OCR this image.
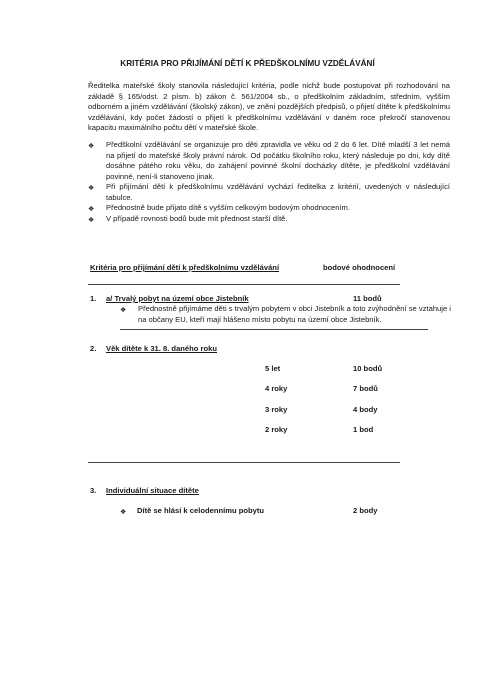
KRITÉRIA PRO PŘIJÍMÁNÍ DĚTÍ K PŘEDŠKOLNÍMU VZDĚLÁVÁNÍ
Ředitelka mateřské školy stanovila následující kritéria, podle nichž bude postupovat při rozhodování na základě § 165/odst. 2 písm. b) zákon č. 561/2004 sb., o předškolním základním, středním, vyšším odborném a jiném vzdělávání (školský zákon), ve znění pozdějších předpisů, o přijetí dítěte k předškolnímu vzdělávání, kdy počet žádostí o přijetí k předškolnímu vzdělávání v daném roce překročí stanovenou kapacitu maximálního počtu dětí v mateřské škole.
❖	Předškolní vzdělávání se organizuje pro děti zpravidla ve věku od 2 do 6 let. Dítě mladší 3 let nemá na přijetí do mateřské školy právní nárok. Od počátku školního roku, který následuje po dni, kdy dítě dosáhne pátého roku věku, do zahájení povinné školní docházky dítěte, je předškolní vzdělávání povinné, není-li stanoveno jinak.
❖	Při přijímání dětí k předškolnímu vzdělávání vychází ředitelka z kritérií, uvedených v následující tabulce.
❖	Přednostně bude přijato dítě s vyšším celkovým bodovým ohodnocením.
❖	V případě rovnosti bodů bude mít přednost starší dítě.
Kritéria pro přijímání dětí k předškolnímu vzdělávání	bodové ohodnocení
1. a/ Trvalý pobyt na území obce Jistebník	11 bodů
❖	Přednostně přijímáme děti s trvalým pobytem v obci Jistebník a toto zvýhodnění se vztahuje i na občany EU, kteří mají hlášeno místo pobytu na území obce Jistebník.
2. Věk dítěte k 31. 8. daného roku
5 let	10 bodů
4 roky	7 bodů
3 roky	4 body
2 roky	1 bod
3. Individuální situace dítěte
❖	Dítě se hlásí k celodennímu pobytu	2 body
